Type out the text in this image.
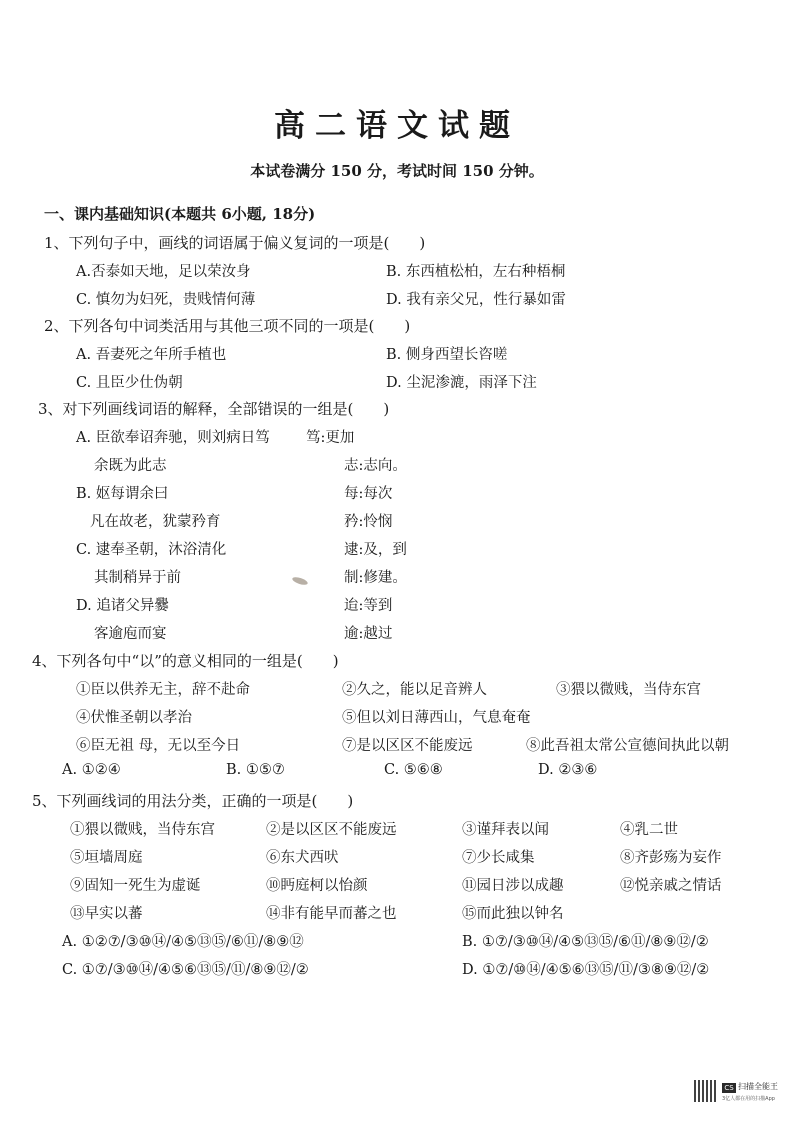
高二语文试题
本试卷满分 150 分，考试时间 150 分钟。
一、课内基础知识(本题共 6小题, 18分)
1、下列句子中，画线的词语属于偏义复词的一项是(　　)
A.否泰如天地，足以荣汝身	B. 东西植松柏，左右种梧桐
C. 慎勿为妇死，贵贱情何薄	D. 我有亲父兄，性行暴如雷
2、下列各句中词类活用与其他三项不同的一项是(　　)
A. 吾妻死之年所手植也	B. 侧身西望长咨嗟
C. 且臣少仕伪朝	D. 尘泥渗漉，雨泽下注
3、对下列画线词语的解释，全部错误的一组是(　　)
A. 臣欲奉诏奔驰，则刘病日笃	笃:更加
余既为此志	志:志向。
B. 妪每谓余曰	每:每次
凡在故老，犹蒙矜育	矜:怜悯
C. 逮奉圣朝，沐浴清化	逮:及，到
其制稍异于前	制:修建。
D. 追诸父异爨	迨:等到
客逾庖而宴	逾:越过
4、下列各句中“以”的意义相同的一组是(　　)
①臣以供养无主，辞不赴命	②久之，能以足音辨人	③猥以微贱，当侍东宫
④伏惟圣朝以孝治	⑤但以刘日薄西山，气息奄奄
⑥臣无祖 母，无以至今日	⑦是以区区不能废远	⑧此吾祖太常公宣德间执此以朝
A. ①②④	B. ①⑤⑦	C. ⑤⑥⑧	D. ②③⑥
5、下列画线词的用法分类，正确的一项是(　　)
①猥以微贱，当侍东宫	②是以区区不能废远	③谨拜表以闻	④乳二世
⑤垣墙周庭	⑥东犬西吠	⑦少长咸集	⑧齐彭殇为妄作
⑨固知一死生为虚诞	⑩眄庭柯以怡颜	⑪园日涉以成趣	⑫悦亲戚之情话
⑬早实以蕃	⑭非有能早而蕃之也	⑮而此独以钟名
A. ①②⑦/③⑩⑭/④⑤⑬⑮/⑥⑪/⑧⑨⑫	B. ①⑦/③⑩⑭/④⑤⑬⑮/⑥⑪/⑧⑨⑫/②
C. ①⑦/③⑩⑭/④⑤⑥⑬⑮/⑪/⑧⑨⑫/②	D. ①⑦/⑩⑭/④⑤⑥⑬⑮/⑪/③⑧⑨⑫/②
CS 扫描全能王
3亿人都在用的扫描App
